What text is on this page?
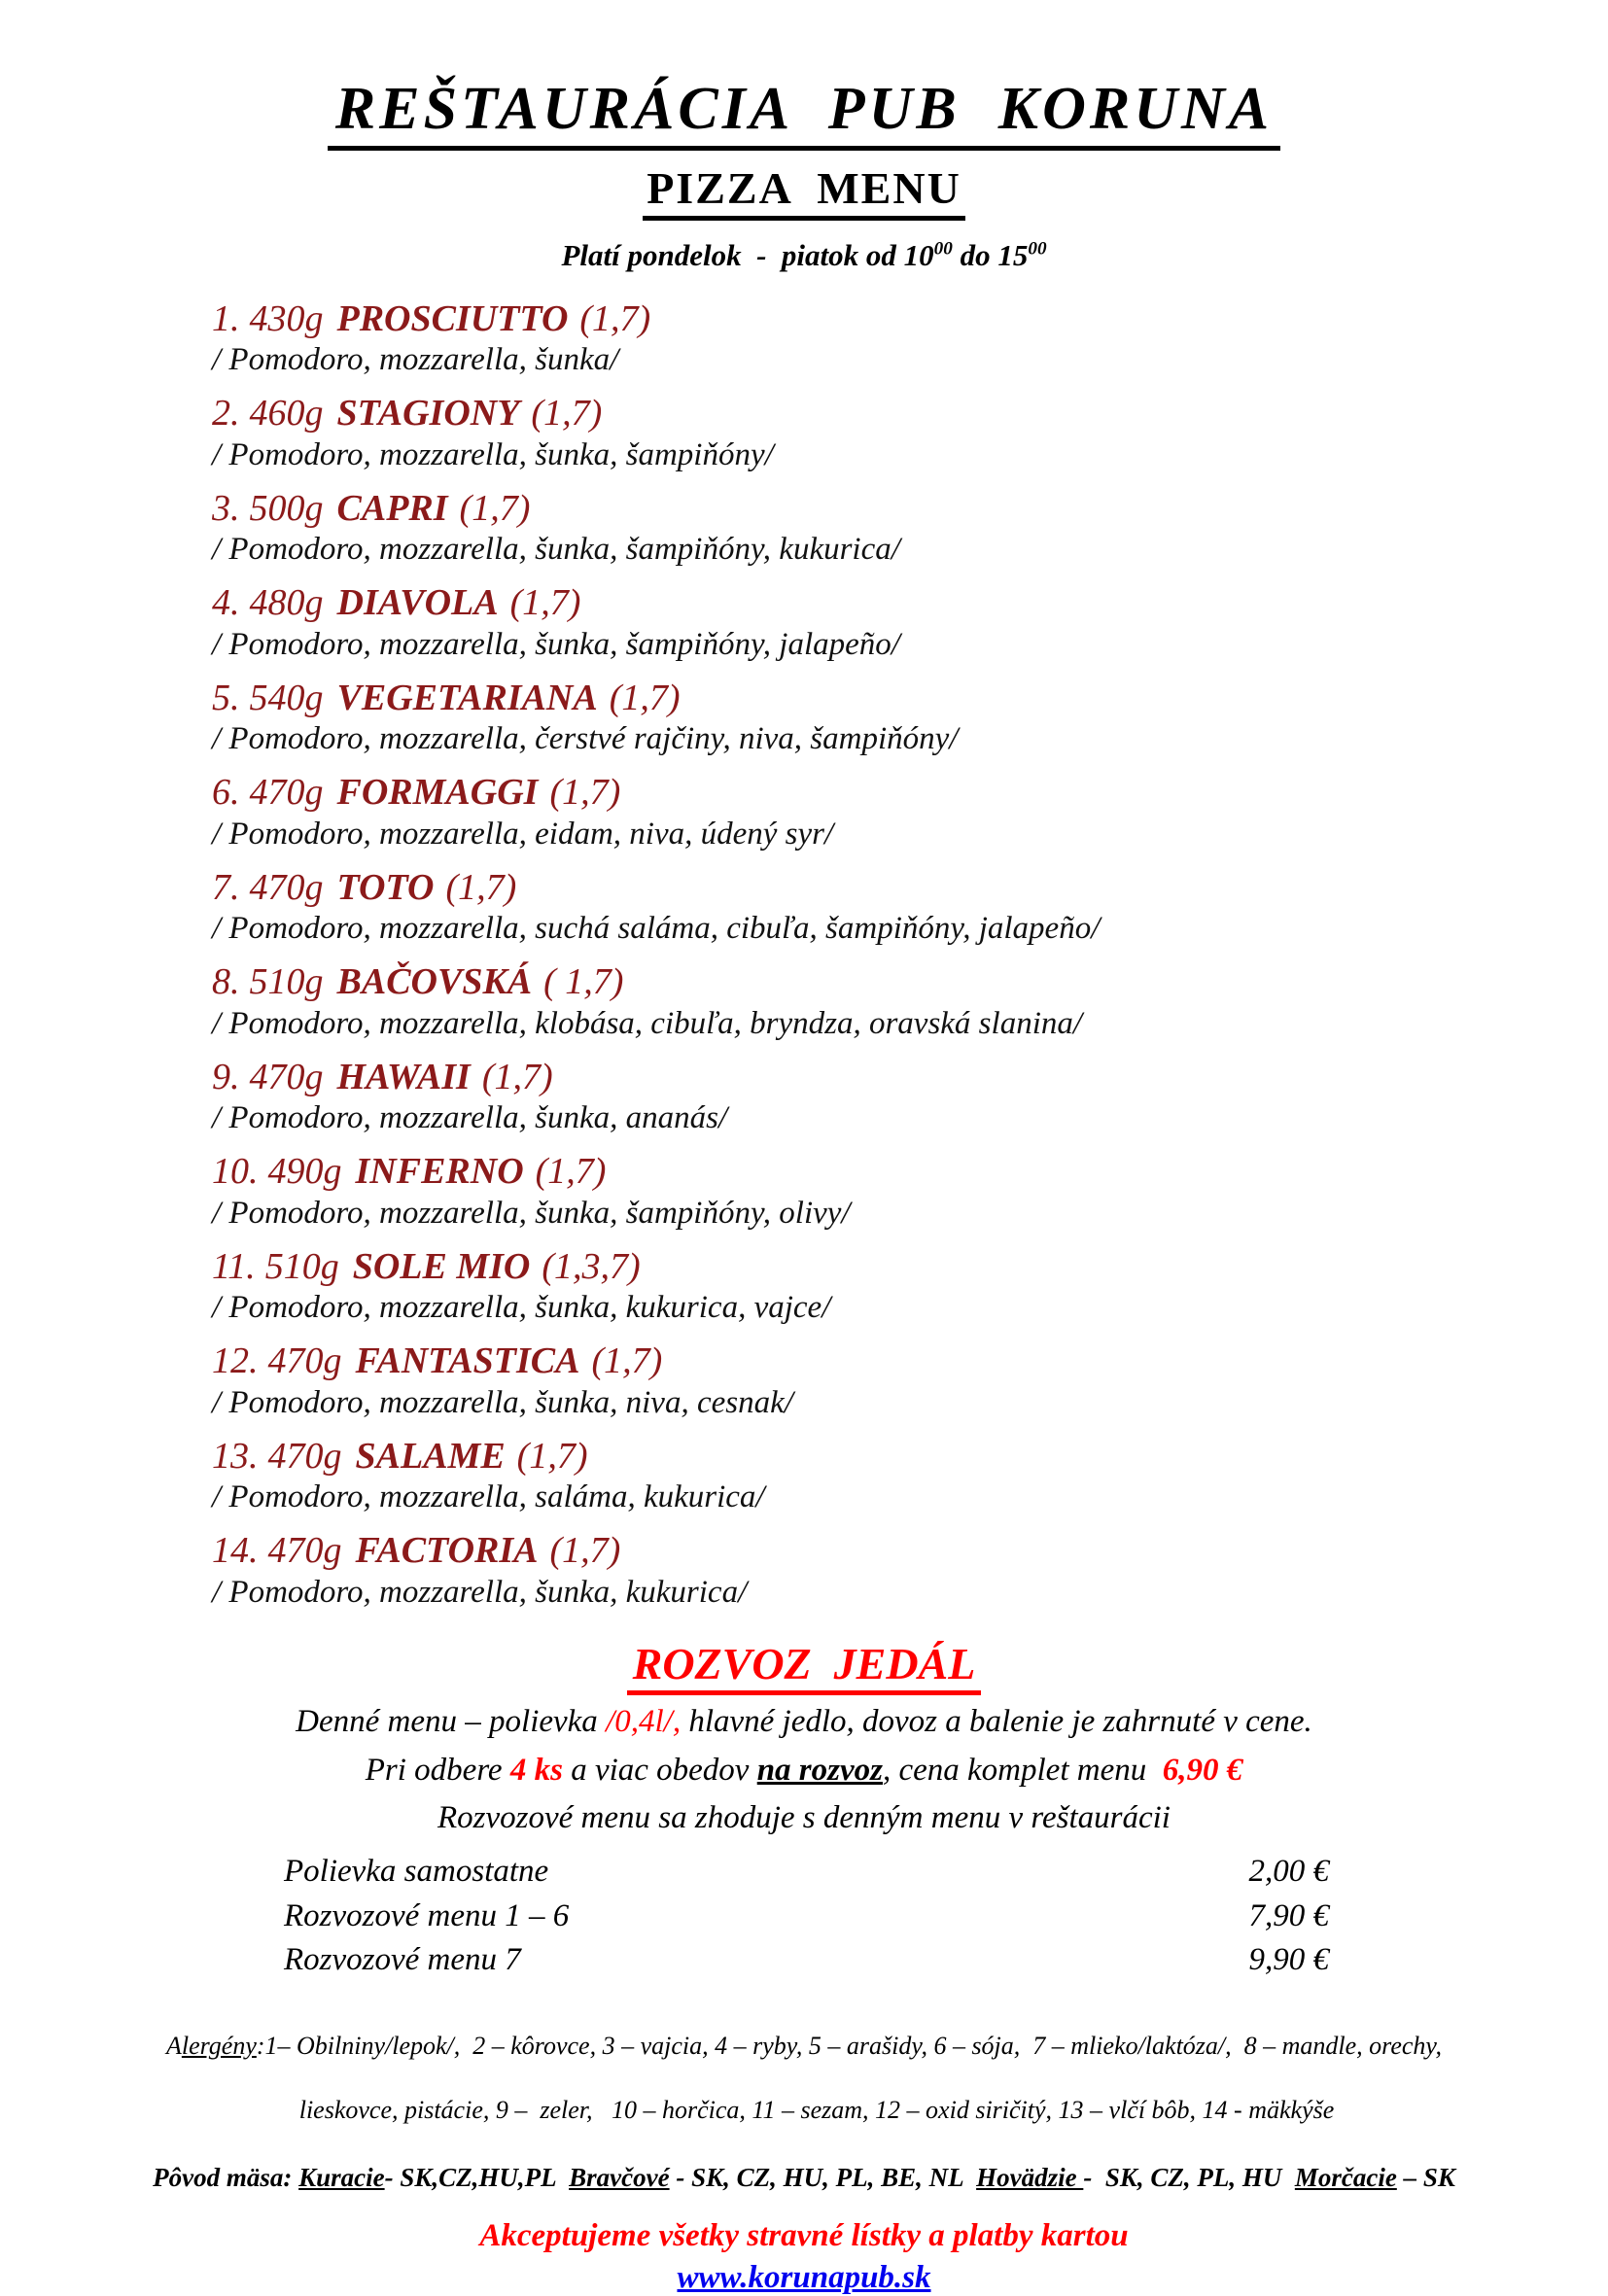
REŠTAURÁCIA  PUB  KORUNA
PIZZA  MENU

Platí pondelok  -  piatok od $10^{00}$ do $15^{00}$

1. 430g PROSCIUTTO (1,7)
/ Pomodoro, mozzarella, šunka/
2. 460g STAGIONY (1,7)
/ Pomodoro, mozzarella, šunka, šampiňóny/
3. 500g CAPRI (1,7)
/ Pomodoro, mozzarella, šunka, šampiňóny, kukurica/
4. 480g DIAVOLA (1,7)
/ Pomodoro, mozzarella, šunka, šampiňóny, jalapeño/
5. 540g VEGETARIANA (1,7)
/ Pomodoro, mozzarella, čerstvé rajčiny, niva, šampiňóny/
6. 470g FORMAGGI (1,7)
/ Pomodoro, mozzarella, eidam, niva, údený syr/
7. 470g TOTO (1,7)
/ Pomodoro, mozzarella, suchá saláma, cibuľa, šampiňóny, jalapeño/
8. 510g BAČOVSKÁ ( 1,7)
/ Pomodoro, mozzarella, klobása, cibuľa, bryndza, oravská slanina/
9. 470g HAWAII (1,7)
/ Pomodoro, mozzarella, šunka, ananás/
10. 490g INFERNO (1,7)
/ Pomodoro, mozzarella, šunka, šampiňóny, olivy/
11. 510g SOLE MIO (1,3,7)
/ Pomodoro, mozzarella, šunka, kukurica, vajce/
12. 470g FANTASTICA (1,7)
/ Pomodoro, mozzarella, šunka, niva, cesnak/
13. 470g SALAME (1,7)
/ Pomodoro, mozzarella, saláma, kukurica/
14. 470g FACTORIA (1,7)
/ Pomodoro, mozzarella, šunka, kukurica/
ROZVOZ  JEDÁL
Denné menu – polievka /0,4l/, hlavné jedlo, dovoz a balenie je zahrnuté v cene.
Pri odbere 4 ks a viac obedov na rozvoz, cena komplet menu  6,90 €
Rozvozové menu sa zhoduje s denným menu v reštaurácii
Polievka samostatne	2,00 €
Rozvozové menu 1 – 6	7,90 €
Rozvozové menu 7	9,90 €
Alergény:1– Obilniny/lepok/,  2 – kôrovce, 3 – vajcia, 4 – ryby, 5 – arašidy, 6 – sója,  7 – mlieko/laktóza/,  8 – mandle, orechy,

lieskovce, pistácie, 9 –  zeler,   10 – horčica, 11 – sezam, 12 – oxid siričitý, 13 – vlčí bôb, 14 - mäkkýše

Pôvod mäsa: Kuracie- SK,CZ,HU,PL  Bravčové - SK, CZ, HU, PL, BE, NL  Hovädzie -  SK, CZ, PL, HU  Morčacie – SK
Akceptujeme všetky stravné lístky a platby kartou
www.korunapub.sk
